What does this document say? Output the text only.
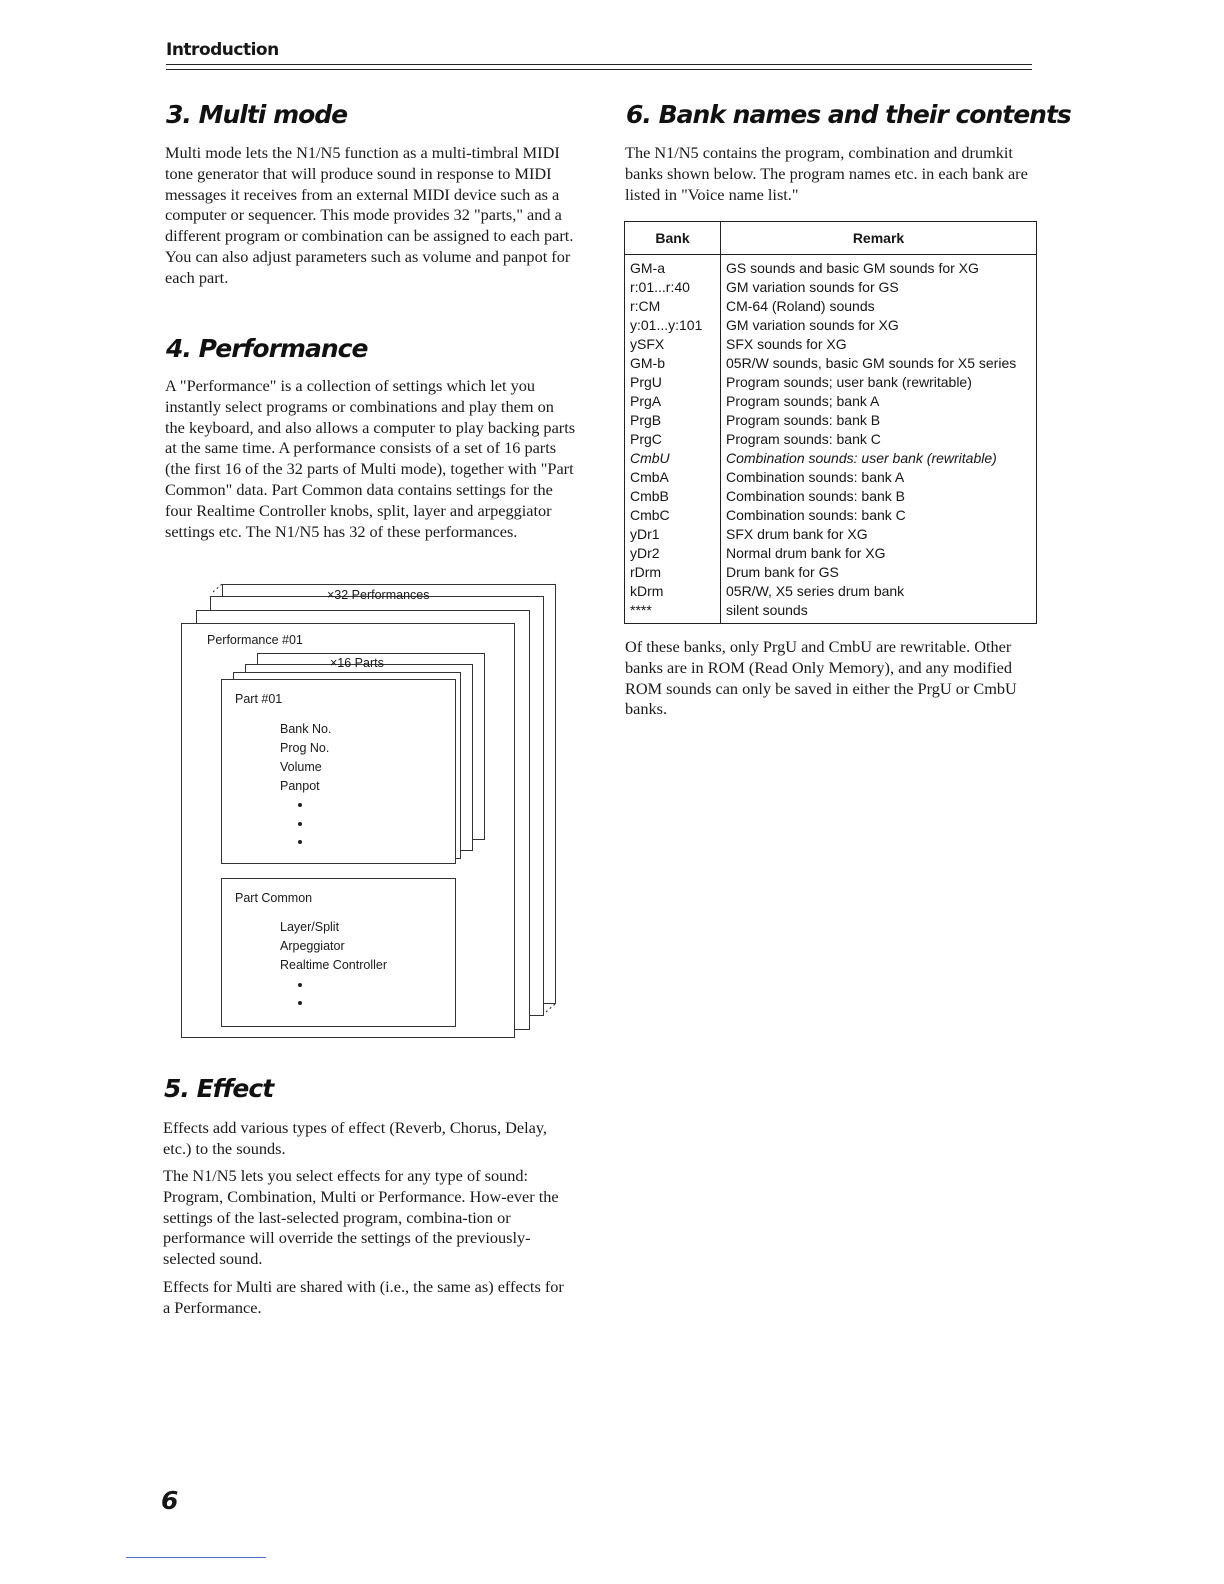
Introduction
3. Multi mode

Multi mode lets the N1/N5 function as a multi-timbral MIDI tone generator that will produce sound in response to MIDI messages it receives from an external MIDI device such as a computer or sequencer. This mode provides 32 "parts," and a different program or combination can be assigned to each part. You can also adjust parameters such as volume and panpot for each part.

4. Performance

A "Performance" is a collection of settings which let you instantly select programs or combinations and play them on the keyboard, and also allows a computer to play backing parts at the same time. A performance consists of a set of 16 parts (the first 16 of the 32 parts of Multi mode), together with "Part Common" data. Part Common data contains settings for the four Realtime Controller knobs, split, layer and arpeggiator settings etc. The N1/N5 has 32 of these performances.

×32 Performances
Performance #01
×16 Parts
Part #01
Bank No.
Prog No.
Volume
Panpot
Part Common
Layer/Split
Arpeggiator
Realtime Controller
5. Effect

Effects add various types of effect (Reverb, Chorus, Delay, etc.) to the sounds.

The N1/N5 lets you select effects for any type of sound: Program, Combination, Multi or Performance. How-ever the settings of the last-selected program, combina-tion or performance will override the settings of the previously-selected sound.

Effects for Multi are shared with (i.e., the same as) effects for a Performance.

6. Bank names and their contents

The N1/N5 contains the program, combination and drumkit banks shown below. The program names etc. in each bank are listed in "Voice name list."

Bank	Remark
GM-a	GS sounds and basic GM sounds for XG
r:01...r:40	GM variation sounds for GS
r:CM	CM-64 (Roland) sounds
y:01...y:101	GM variation sounds for XG
ySFX	SFX sounds for XG
GM-b	05R/W sounds, basic GM sounds for X5 series
PrgU	Program sounds; user bank (rewritable)
PrgA	Program sounds; bank A
PrgB	Program sounds: bank B
PrgC	Program sounds: bank C
CmbU	Combination sounds: user bank (rewritable)
CmbA	Combination sounds: bank A
CmbB	Combination sounds: bank B
CmbC	Combination sounds: bank C
yDr1	SFX drum bank for XG
yDr2	Normal drum bank for XG
rDrm	Drum bank for GS
kDrm	05R/W, X5 series drum bank
****	silent sounds

Of these banks, only PrgU and CmbU are rewritable. Other banks are in ROM (Read Only Memory), and any modified ROM sounds can only be saved in either the PrgU or CmbU banks.

6
